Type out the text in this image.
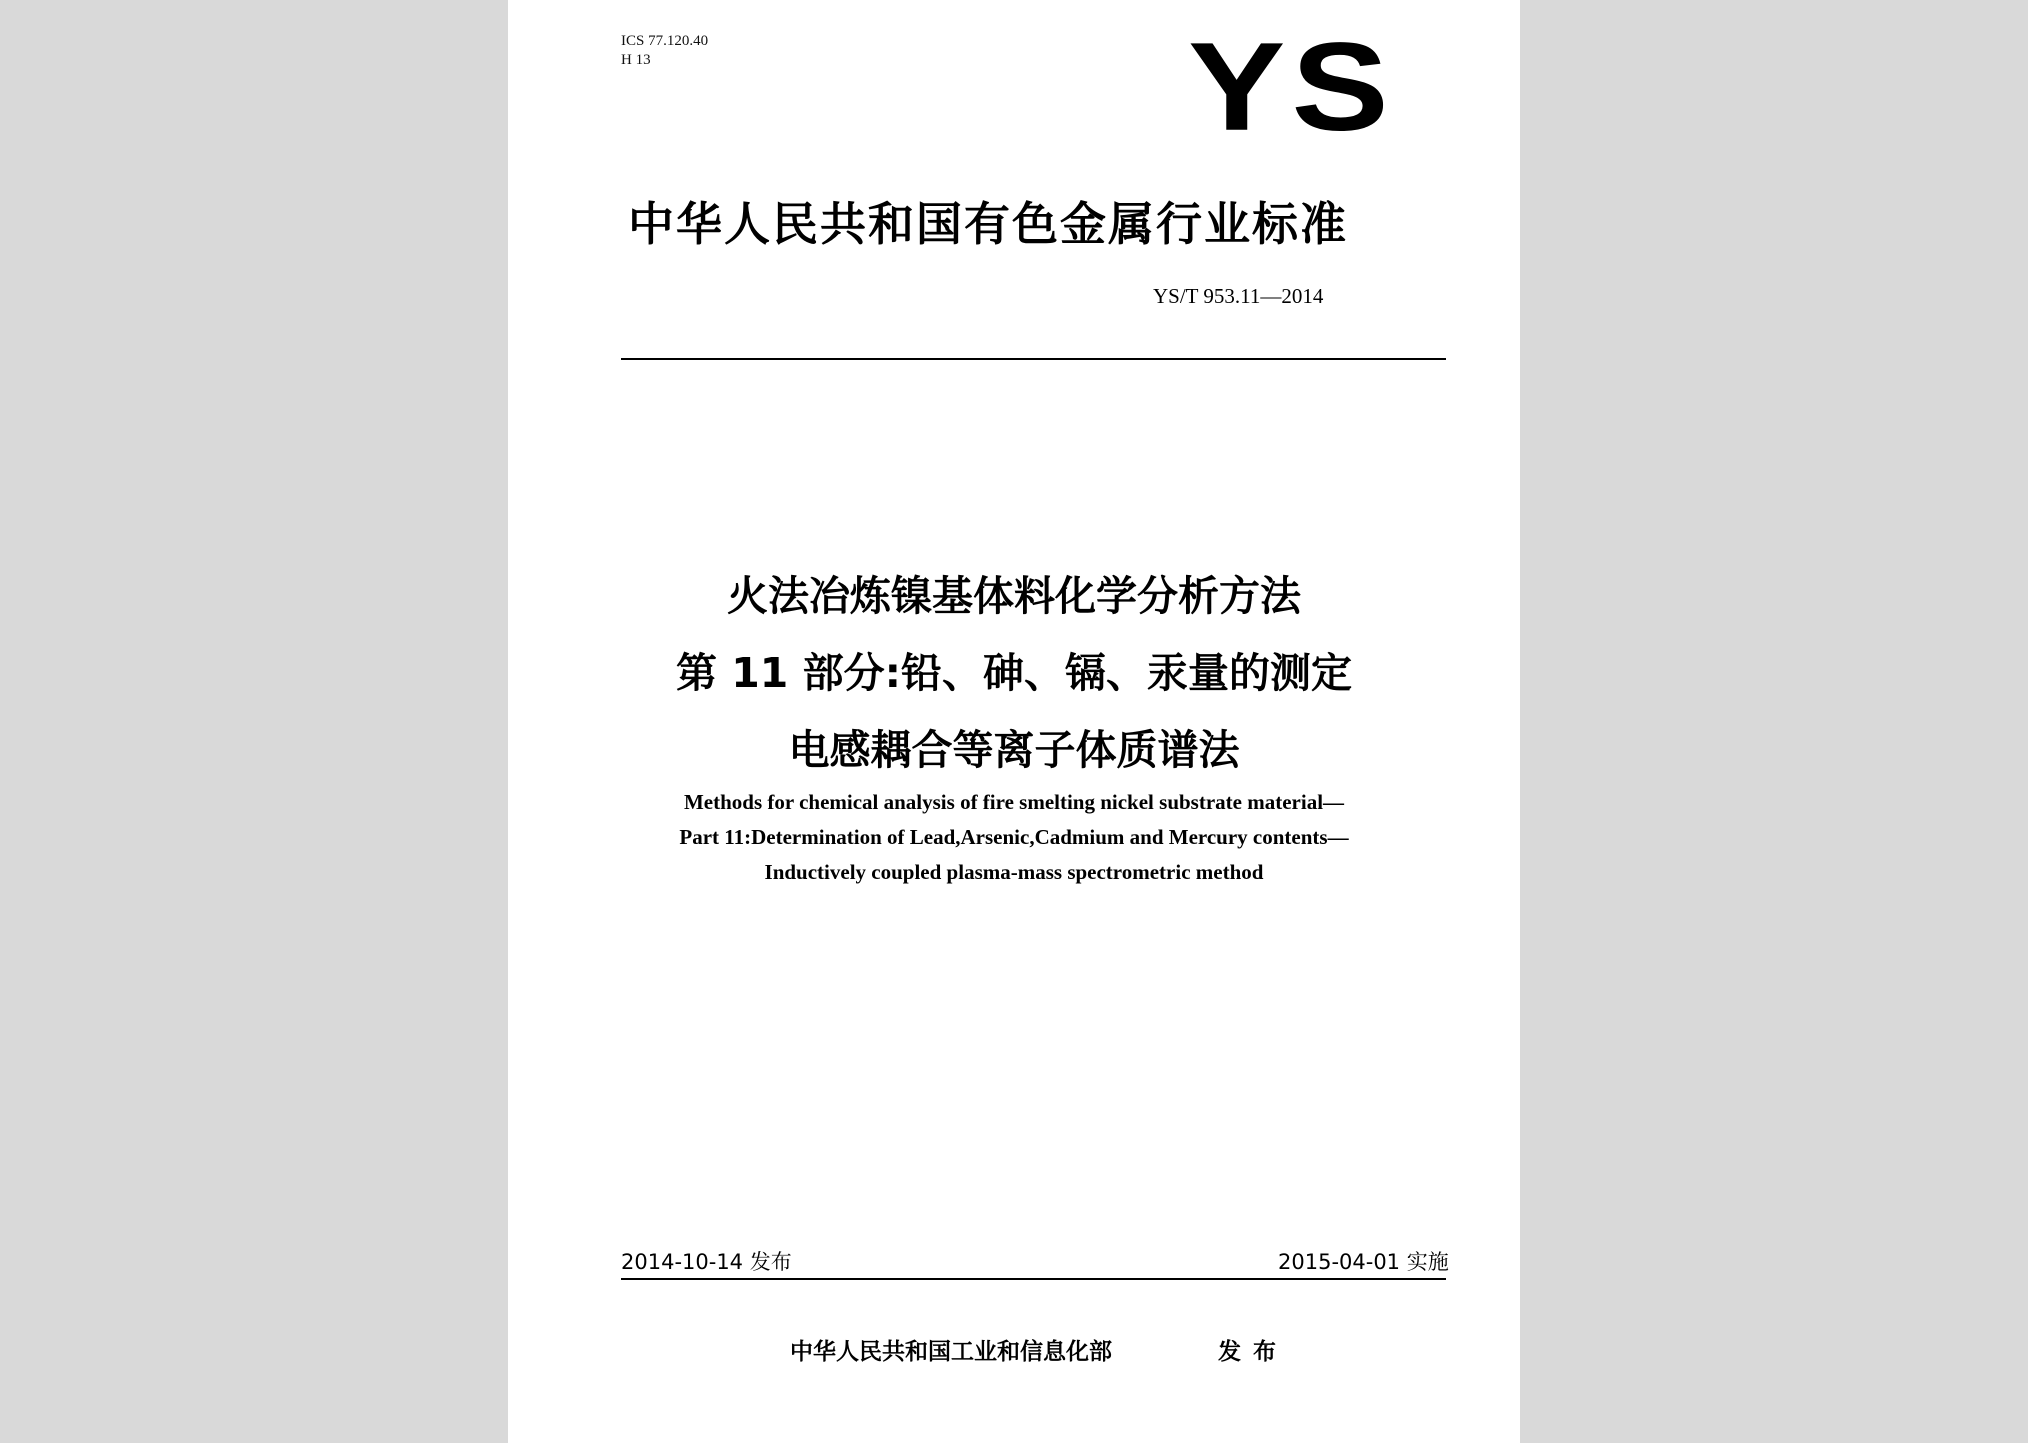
ICS 77.120.40
H 13	YS
中华人民共和国有色金属行业标准
YS/T 953.11—2014
火法冶炼镍基体料化学分析方法
第 11 部分:铅、砷、镉、汞量的测定
电感耦合等离子体质谱法
Methods for chemical analysis of fire smelting nickel substrate material—
Part 11:Determination of Lead,Arsenic,Cadmium and Mercury contents—
Inductively coupled plasma-mass spectrometric method
2014-10-14 发布	2015-04-01 实施
中华人民共和国工业和信息化部	发布
